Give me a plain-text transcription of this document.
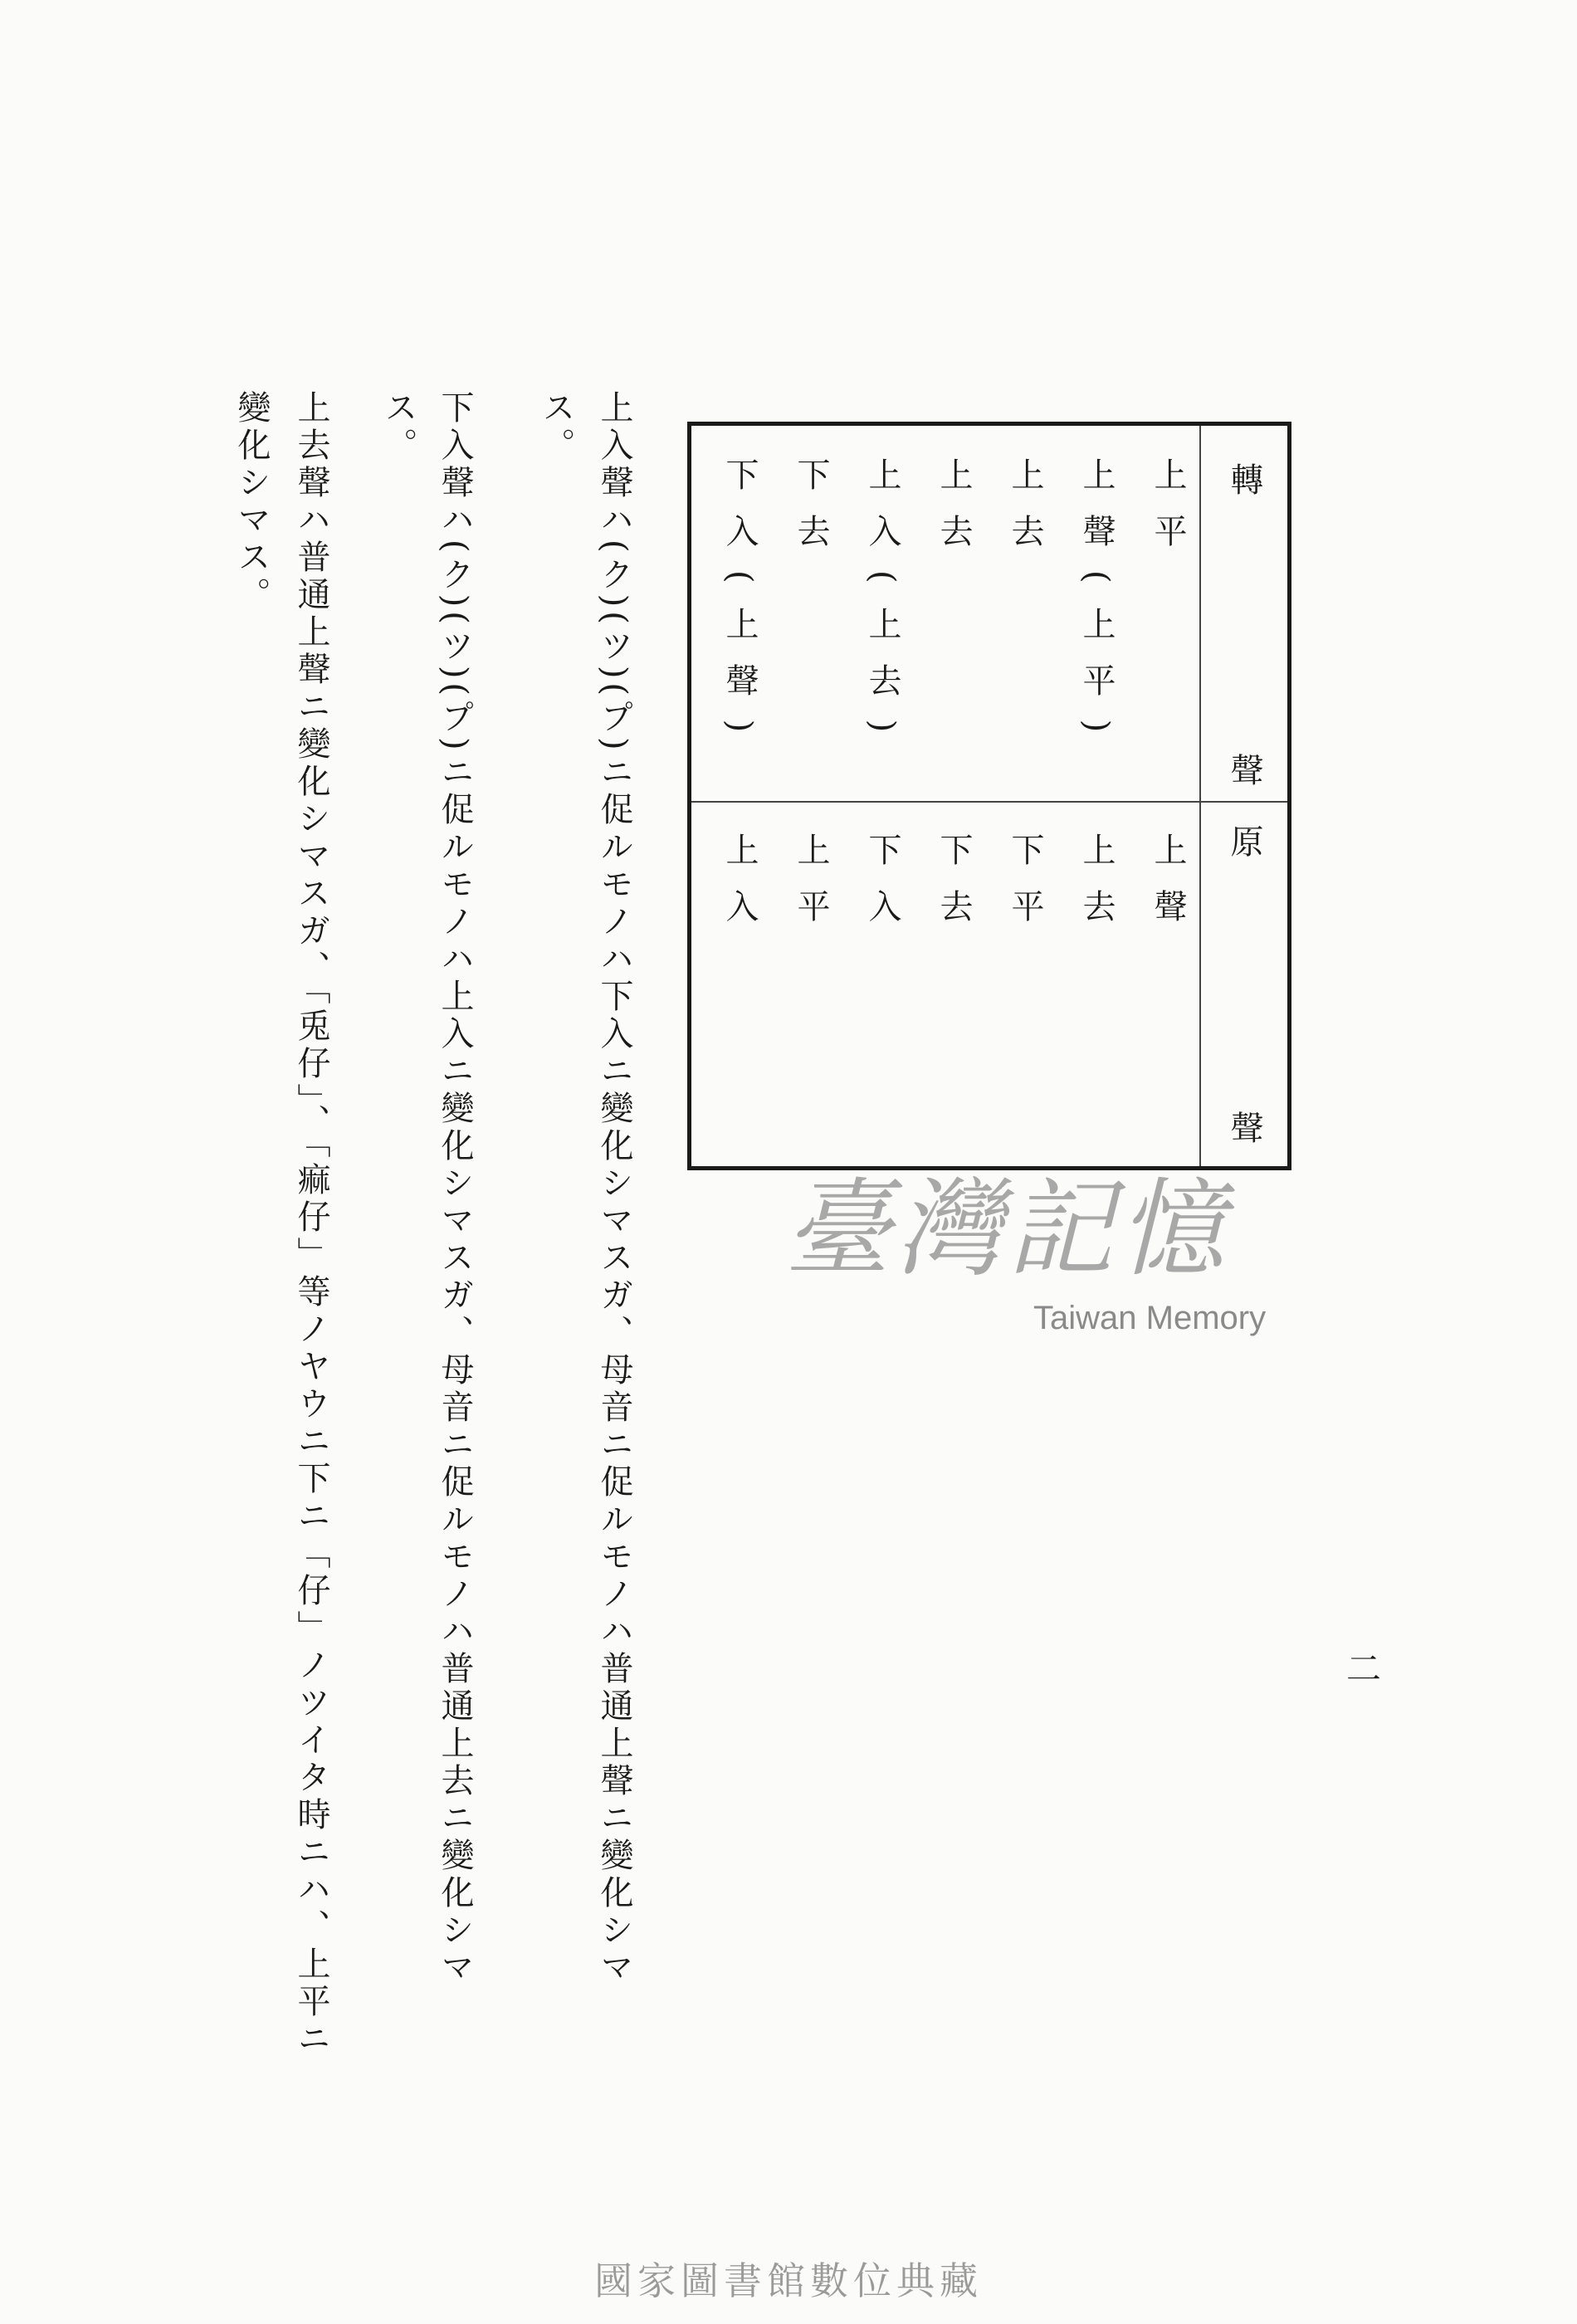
轉
聲
原
聲
上平
上聲(上平)
上去
上去
上入(上去)
下去
下入(上聲)
上聲
上去
下平
下去
下入
上平
上入
上入聲ハ(ク)(ツ)(プ)ニ促ルモノハ下入ニ變化シマスガ、母音ニ促ルモノハ普通上聲ニ變化シマ
ス。
下入聲ハ(ク)(ツ)(プ)ニ促ルモノハ上入ニ變化シマスガ、母音ニ促ルモノハ普通上去ニ變化シマ
ス。
上去聲ハ普通上聲ニ變化シマスガ、「兎仔」、「痲仔」等ノヤウニ下ニ「仔」ノツイタ時ニハ、上平ニ
變化シマス。
二
臺灣記憶
Taiwan Memory
國家圖書館數位典藏
